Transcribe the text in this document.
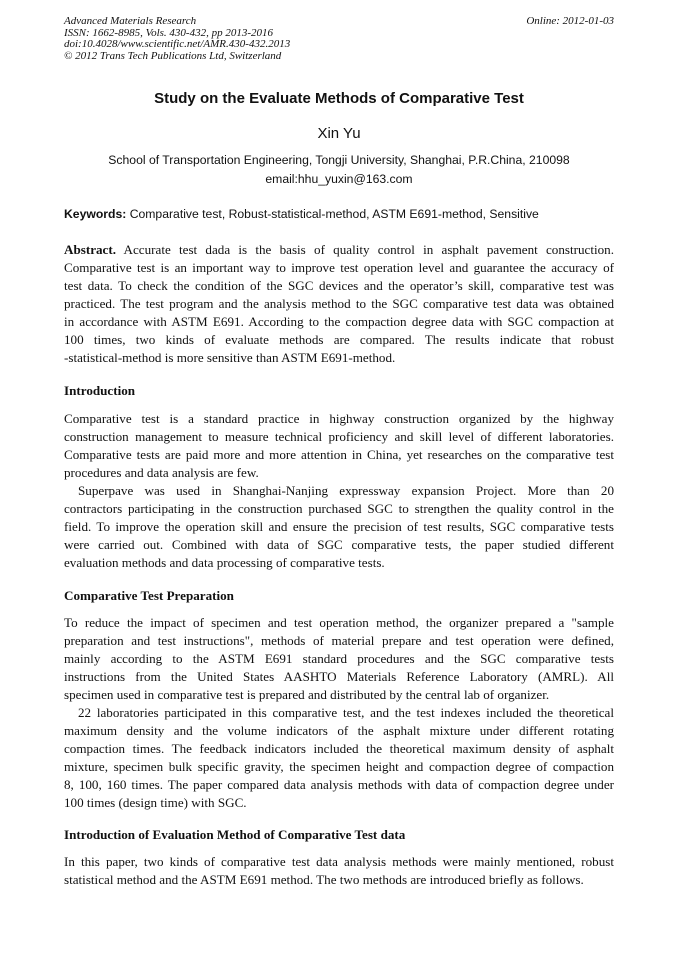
Advanced Materials Research
ISSN: 1662-8985, Vols. 430-432, pp 2013-2016
doi:10.4028/www.scientific.net/AMR.430-432.2013
© 2012 Trans Tech Publications Ltd, Switzerland
Online: 2012-01-03
Study on the Evaluate Methods of Comparative Test
Xin Yu
School of Transportation Engineering, Tongji University, Shanghai, P.R.China, 210098
email:hhu_yuxin@163.com
Keywords: Comparative test, Robust-statistical-method, ASTM E691-method, Sensitive
Abstract. Accurate test dada is the basis of quality control in asphalt pavement construction.
Comparative test is an important way to improve test operation level and guarantee the accuracy of
test data. To check the condition of the SGC devices and the operator’s skill, comparative test was
practiced. The test program and the analysis method to the SGC comparative test data was obtained
in accordance with ASTM E691. According to the compaction degree data with SGC compaction at
100 times, two kinds of evaluate methods are compared. The results indicate that robust
-statistical-method is more sensitive than ASTM E691-method.
Introduction
Comparative test is a standard practice in highway construction organized by the highway
construction management to measure technical proficiency and skill level of different laboratories.
Comparative tests are paid more and more attention in China, yet researches on the comparative test
procedures and data analysis are few.
Superpave was used in Shanghai-Nanjing expressway expansion Project. More than 20
contractors participating in the construction purchased SGC to strengthen the quality control in the
field. To improve the operation skill and ensure the precision of test results, SGC comparative tests
were carried out. Combined with data of SGC comparative tests, the paper studied different
evaluation methods and data processing of comparative tests.
Comparative Test Preparation
To reduce the impact of specimen and test operation method, the organizer prepared a "sample
preparation and test instructions", methods of material prepare and test operation were defined,
mainly according to the ASTM E691 standard procedures and the SGC comparative tests
instructions from the United States AASHTO Materials Reference Laboratory (AMRL). All
specimen used in comparative test is prepared and distributed by the central lab of organizer.
22 laboratories participated in this comparative test, and the test indexes included the theoretical
maximum density and the volume indicators of the asphalt mixture under different rotating
compaction times. The feedback indicators included the theoretical maximum density of asphalt
mixture, specimen bulk specific gravity, the specimen height and compaction degree of compaction
8, 100, 160 times. The paper compared data analysis methods with data of compaction degree under
100 times (design time) with SGC.
Introduction of Evaluation Method of Comparative Test data
In this paper, two kinds of comparative test data analysis methods were mainly mentioned, robust
statistical method and the ASTM E691 method. The two methods are introduced briefly as follows.
